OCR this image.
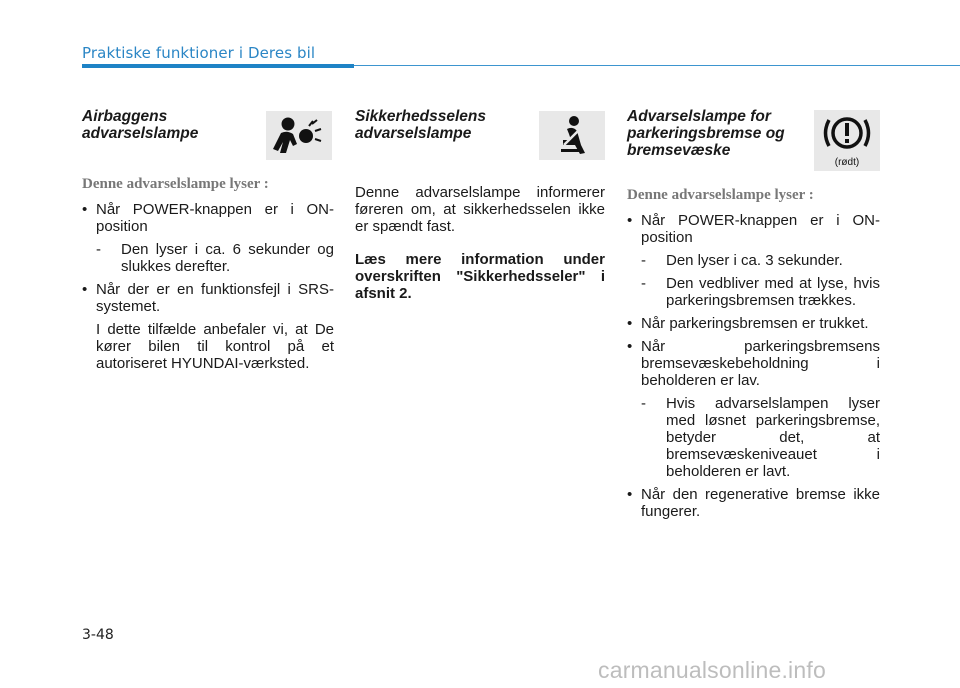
Praktiske funktioner i Deres bil
Airbaggens
advarselslampe
Denne advarselslampe lyser :
• Når POWER-knappen er i ON-position
- Den lyser i ca. 6 sekunder og slukkes derefter.
• Når der er en funktionsfejl i SRS-systemet.
I dette tilfælde anbefaler vi, at De kører bilen til kontrol på et autoriseret HYUNDAI-værksted.
Sikkerhedsselens
advarselslampe

Denne advarselslampe informerer føreren om, at sikkerhedsselen ikke er spændt fast.

Læs mere information under overskriften "Sikkerhedsseler" i afsnit 2.

Advarselslampe for
parkeringsbremse og
bremsevæske
(rødt)
Denne advarselslampe lyser :
• Når POWER-knappen er i ON-position
- Den lyser i ca. 3 sekunder.
- Den vedbliver med at lyse, hvis parkeringsbremsen trækkes.
• Når parkeringsbremsen er trukket.
• Når parkeringsbremsens bremsevæskebeholdning i beholderen er lav.
- Hvis advarselslampen lyser med løsnet parkeringsbremse, betyder det, at bremsevæskeniveauet i beholderen er lavt.
• Når den regenerative bremse ikke fungerer.
3-48
carmanualsonline.info
